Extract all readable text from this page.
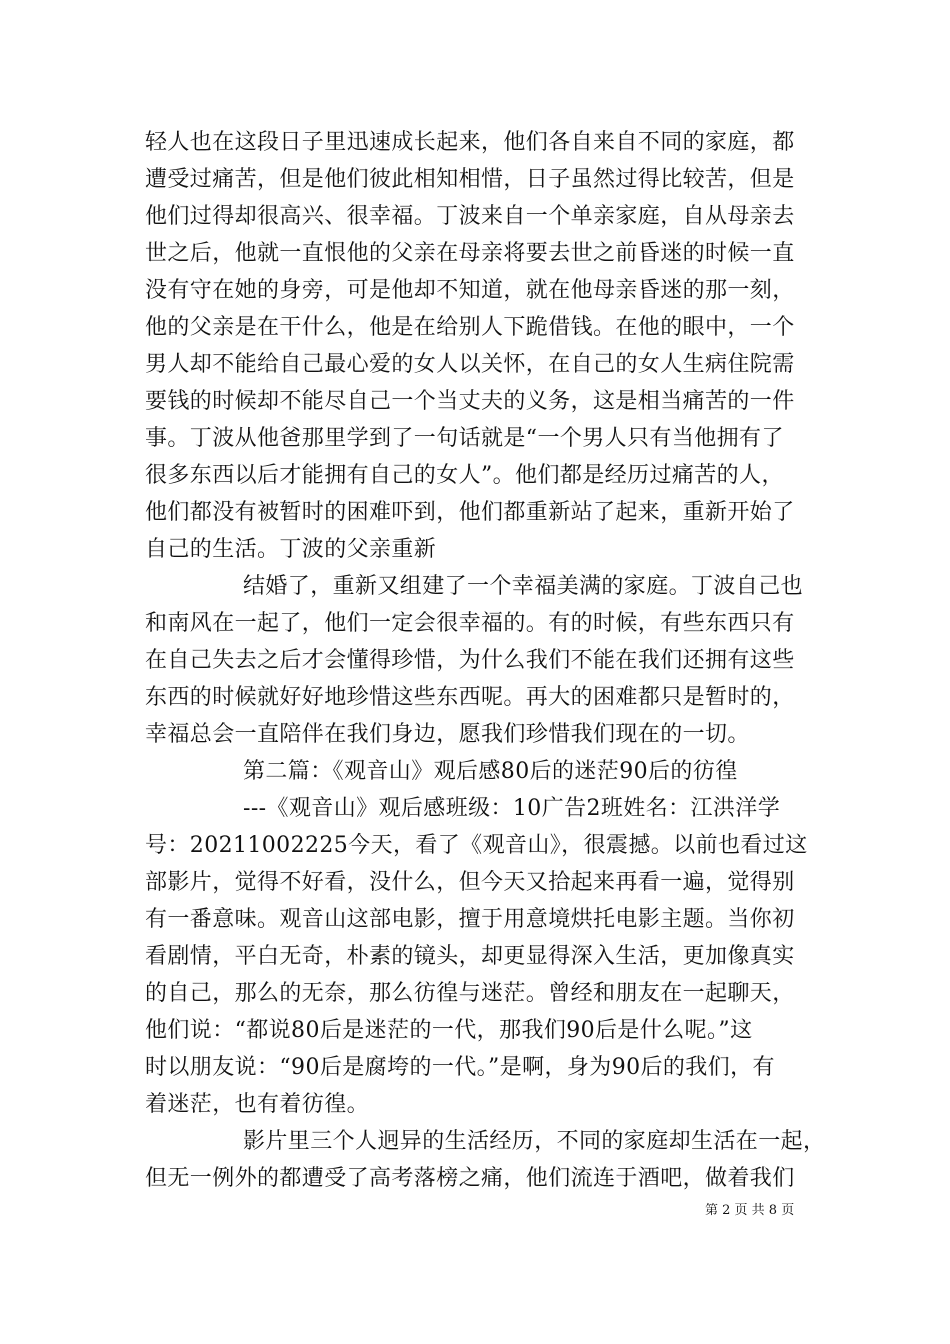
轻人也在这段日子里迅速成长起来，他们各自来自不同的家庭，都
遭受过痛苦，但是他们彼此相知相惜，日子虽然过得比较苦，但是
他们过得却很高兴、很幸福。丁波来自一个单亲家庭，自从母亲去
世之后，他就一直恨他的父亲在母亲将要去世之前昏迷的时候一直
没有守在她的身旁，可是他却不知道，就在他母亲昏迷的那一刻，
他的父亲是在干什么，他是在给别人下跪借钱。在他的眼中，一个
男人却不能给自己最心爱的女人以关怀，在自己的女人生病住院需
要钱的时候却不能尽自己一个当丈夫的义务，这是相当痛苦的一件
事。丁波从他爸那里学到了一句话就是“一个男人只有当他拥有了
很多东西以后才能拥有自己的女人”。他们都是经历过痛苦的人，
他们都没有被暂时的困难吓到，他们都重新站了起来，重新开始了
自己的生活。丁波的父亲重新
结婚了，重新又组建了一个幸福美满的家庭。丁波自己也
和南风在一起了，他们一定会很幸福的。有的时候，有些东西只有
在自己失去之后才会懂得珍惜，为什么我们不能在我们还拥有这些
东西的时候就好好地珍惜这些东西呢。再大的困难都只是暂时的，
幸福总会一直陪伴在我们身边，愿我们珍惜我们现在的一切。
第二篇：《观音山》观后感80后的迷茫90后的彷徨
---《观音山》观后感班级：10广告2班姓名：江洪洋学
号：20211002225今天，看了《观音山》，很震撼。以前也看过这
部影片，觉得不好看，没什么，但今天又拾起来再看一遍，觉得别
有一番意味。观音山这部电影，擅于用意境烘托电影主题。当你初
看剧情，平白无奇，朴素的镜头，却更显得深入生活，更加像真实
的自己，那么的无奈，那么彷徨与迷茫。曾经和朋友在一起聊天，
他们说：“都说80后是迷茫的一代，那我们90后是什么呢。”这
时以朋友说：“90后是腐垮的一代。”是啊，身为90后的我们，有
着迷茫，也有着彷徨。
影片里三个人迥异的生活经历，不同的家庭却生活在一起，
但无一例外的都遭受了高考落榜之痛，他们流连于酒吧，做着我们
第 2 页 共 8 页
